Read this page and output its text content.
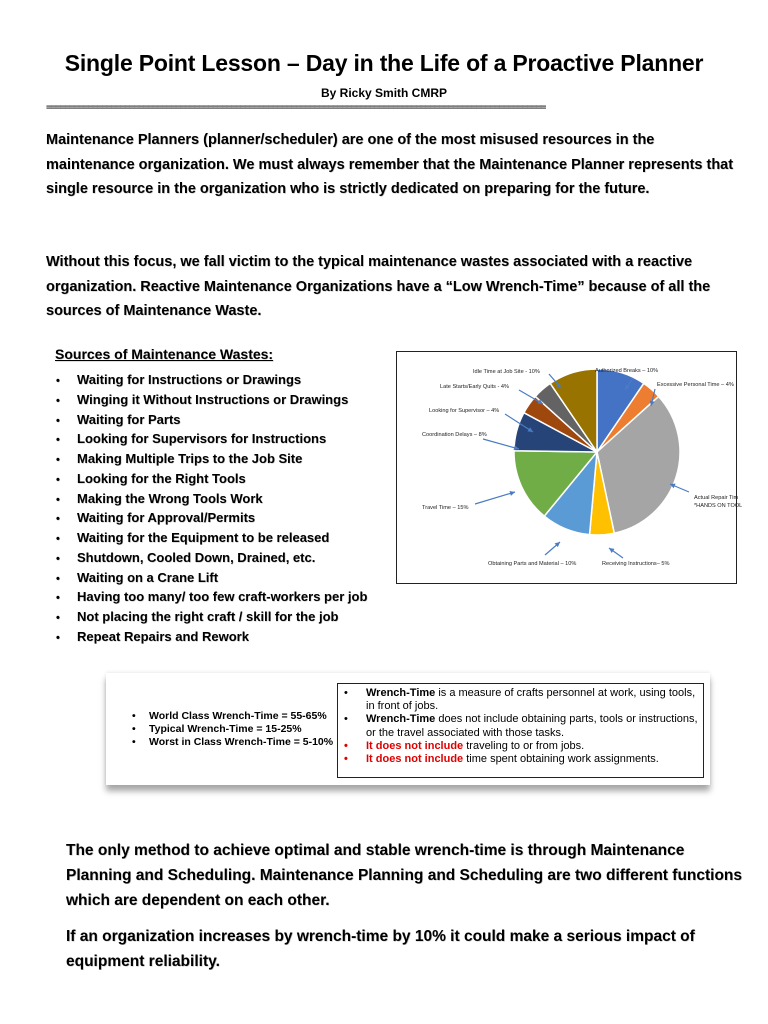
Single Point Lesson – Day in the Life of a Proactive Planner
By Ricky Smith CMRP
============================================================================================================
Maintenance Planners (planner/scheduler) are one of the most misused resources in the maintenance organization. We must always remember that the Maintenance Planner represents that single resource in the organization who is strictly dedicated on preparing for the future.
Without this focus, we fall victim to the typical maintenance wastes associated with a reactive organization. Reactive Maintenance Organizations have a “Low Wrench-Time” because of all the sources of Maintenance Waste.
Sources of Maintenance Wastes:
• Waiting for Instructions or Drawings
• Winging it Without Instructions or Drawings
• Waiting for Parts
• Looking for Supervisors for Instructions
• Making Multiple Trips to the Job Site
• Looking for the Right Tools
• Making the Wrong Tools Work
• Waiting for Approval/Permits
• Waiting for the Equipment to be released
• Shutdown, Cooled Down, Drained, etc.
• Waiting on a Crane Lift
• Having too many/ too few craft-workers per job
• Not placing the right craft / skill for the job
• Repeat Repairs and Rework
Authorized Breaks – 10%
Excessive Personal Time – 4%
Actual Repair Tim
*HANDS ON TOOL
Receiving Instructions– 5%
Obtaining Parts and Material – 10%
Travel Time – 15%
Coordination Delays – 8%
Looking for Supervisor – 4%
Late Starts/Early Quits - 4%
Idle Time at Job Site - 10%
• World Class Wrench-Time = 55-65%
• Typical Wrench-Time = 15-25%
• Worst in Class Wrench-Time = 5-10%
• Wrench-Time is a measure of crafts personnel at work, using tools, in front of jobs.
• Wrench-Time does not include obtaining parts, tools or instructions, or the travel associated with those tasks.
• It does not include traveling to or from jobs.
• It does not include time spent obtaining work assignments.
The only method to achieve optimal and stable wrench-time is through Maintenance Planning and Scheduling. Maintenance Planning and Scheduling are two different functions which are dependent on each other.
If an organization increases by wrench-time by 10% it could make a serious impact of equipment reliability.
